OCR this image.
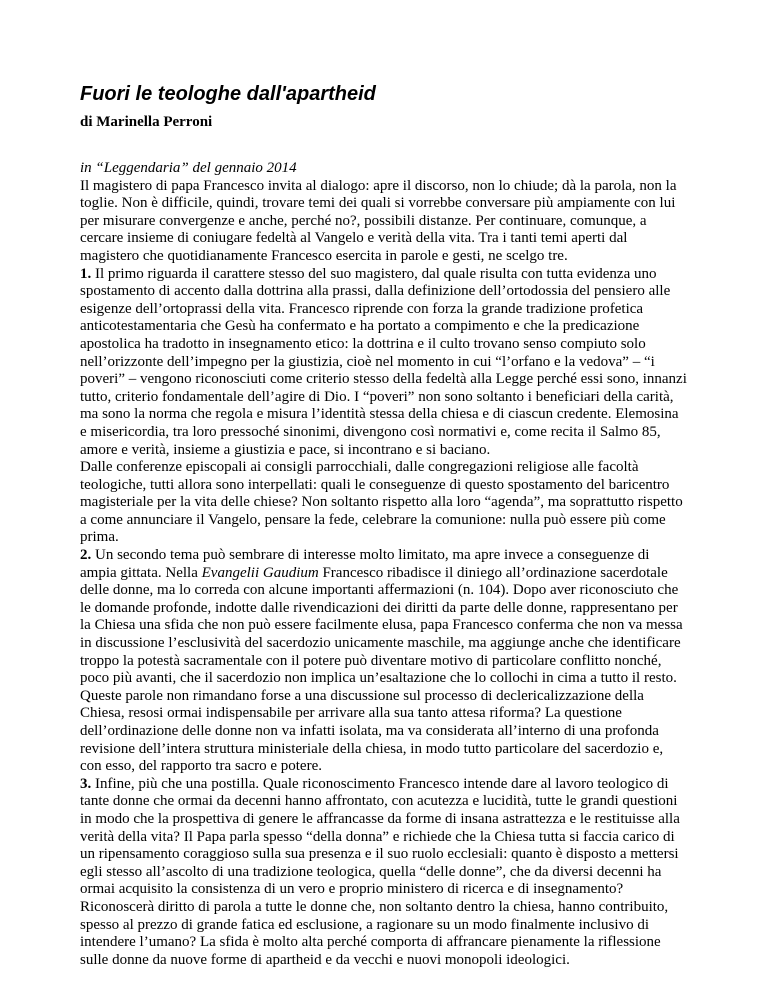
Fuori le teologhe dall'apartheid
di Marinella Perroni
in “Leggendaria” del gennaio 2014

Il magistero di papa Francesco invita al dialogo: apre il discorso, non lo chiude; dà la parola, non la toglie. Non è difficile, quindi, trovare temi dei quali si vorrebbe conversare più ampiamente con lui per misurare convergenze e anche, perché no?, possibili distanze. Per continuare, comunque, a cercare insieme di coniugare fedeltà al Vangelo e verità della vita. Tra i tanti temi aperti dal magistero che quotidianamente Francesco esercita in parole e gesti, ne scelgo tre.

1. Il primo riguarda il carattere stesso del suo magistero, dal quale risulta con tutta evidenza uno spostamento di accento dalla dottrina alla prassi, dalla definizione dell’ortodossia del pensiero alle esigenze dell’ortoprassi della vita. Francesco riprende con forza la grande tradizione profetica anticotestamentaria che Gesù ha confermato e ha portato a compimento e che la predicazione apostolica ha tradotto in insegnamento etico: la dottrina e il culto trovano senso compiuto solo nell’orizzonte dell’impegno per la giustizia, cioè nel momento in cui “l’orfano e la vedova” – “i poveri” – vengono riconosciuti come criterio stesso della fedeltà alla Legge perché essi sono, innanzi tutto, criterio fondamentale dell’agire di Dio. I “poveri” non sono soltanto i beneficiari della carità, ma sono la norma che regola e misura l’identità stessa della chiesa e di ciascun credente. Elemosina e misericordia, tra loro pressoché sinonimi, divengono così normativi e, come recita il Salmo 85, amore e verità, insieme a giustizia e pace, si incontrano e si baciano.

Dalle conferenze episcopali ai consigli parrocchiali, dalle congregazioni religiose alle facoltà teologiche, tutti allora sono interpellati: quali le conseguenze di questo spostamento del baricentro magisteriale per la vita delle chiese? Non soltanto rispetto alla loro “agenda”, ma soprattutto rispetto a come annunciare il Vangelo, pensare la fede, celebrare la comunione: nulla può essere più come prima.

2. Un secondo tema può sembrare di interesse molto limitato, ma apre invece a conseguenze di ampia gittata. Nella Evangelii Gaudium Francesco ribadisce il diniego all’ordinazione sacerdotale delle donne, ma lo correda con alcune importanti affermazioni (n. 104). Dopo aver riconosciuto che le domande profonde, indotte dalle rivendicazioni dei diritti da parte delle donne, rappresentano per la Chiesa una sfida che non può essere facilmente elusa, papa Francesco conferma che non va messa in discussione l’esclusività del sacerdozio unicamente maschile, ma aggiunge anche che identificare troppo la potestà sacramentale con il potere può diventare motivo di particolare conflitto nonché, poco più avanti, che il sacerdozio non implica un’esaltazione che lo collochi in cima a tutto il resto.

Queste parole non rimandano forse a una discussione sul processo di declericalizzazione della Chiesa, resosi ormai indispensabile per arrivare alla sua tanto attesa riforma? La questione dell’ordinazione delle donne non va infatti isolata, ma va considerata all’interno di una profonda revisione dell’intera struttura ministeriale della chiesa, in modo tutto particolare del sacerdozio e, con esso, del rapporto tra sacro e potere.

3. Infine, più che una postilla. Quale riconoscimento Francesco intende dare al lavoro teologico di tante donne che ormai da decenni hanno affrontato, con acutezza e lucidità, tutte le grandi questioni in modo che la prospettiva di genere le affrancasse da forme di insana astrattezza e le restituisse alla verità della vita? Il Papa parla spesso “della donna” e richiede che la Chiesa tutta si faccia carico di un ripensamento coraggioso sulla sua presenza e il suo ruolo ecclesiali: quanto è disposto a mettersi egli stesso all’ascolto di una tradizione teologica, quella “delle donne”, che da diversi decenni ha ormai acquisito la consistenza di un vero e proprio ministero di ricerca e di insegnamento? Riconoscerà diritto di parola a tutte le donne che, non soltanto dentro la chiesa, hanno contribuito, spesso al prezzo di grande fatica ed esclusione, a ragionare su un modo finalmente inclusivo di intendere l’umano? La sfida è molto alta perché comporta di affrancare pienamente la riflessione sulle donne da nuove forme di apartheid e da vecchi e nuovi monopoli ideologici.
